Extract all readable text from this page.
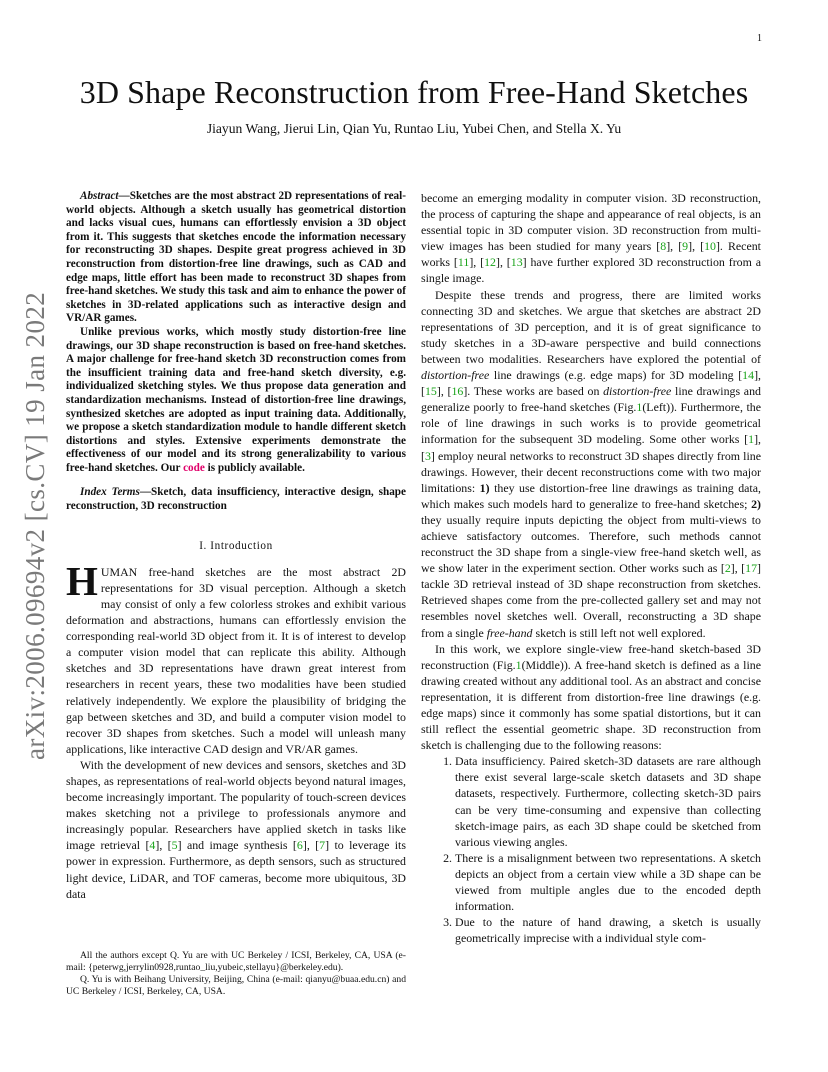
1
arXiv:2006.09694v2 [cs.CV] 19 Jan 2022
3D Shape Reconstruction from Free-Hand Sketches
Jiayun Wang, Jierui Lin, Qian Yu, Runtao Liu, Yubei Chen, and Stella X. Yu

Abstract—Sketches are the most abstract 2D representations of real-world objects. Although a sketch usually has geometrical distortion and lacks visual cues, humans can effortlessly envision a 3D object from it. This suggests that sketches encode the information necessary for reconstructing 3D shapes. Despite great progress achieved in 3D reconstruction from distortion-free line drawings, such as CAD and edge maps, little effort has been made to reconstruct 3D shapes from free-hand sketches. We study this task and aim to enhance the power of sketches in 3D-related applications such as interactive design and VR/AR games.

Unlike previous works, which mostly study distortion-free line drawings, our 3D shape reconstruction is based on free-hand sketches. A major challenge for free-hand sketch 3D reconstruction comes from the insufficient training data and free-hand sketch diversity, e.g. individualized sketching styles. We thus propose data generation and standardization mechanisms. Instead of distortion-free line drawings, synthesized sketches are adopted as input training data. Additionally, we propose a sketch standardization module to handle different sketch distortions and styles. Extensive experiments demonstrate the effectiveness of our model and its strong generalizability to various free-hand sketches. Our code is publicly available.

Index Terms—Sketch, data insufficiency, interactive design, shape reconstruction, 3D reconstruction

I. Introduction

HUMAN free-hand sketches are the most abstract 2D representations for 3D visual perception. Although a sketch may consist of only a few colorless strokes and exhibit various deformation and abstractions, humans can effortlessly envision the corresponding real-world 3D object from it. It is of interest to develop a computer vision model that can replicate this ability. Although sketches and 3D representations have drawn great interest from researchers in recent years, these two modalities have been studied relatively independently. We explore the plausibility of bridging the gap between sketches and 3D, and build a computer vision model to recover 3D shapes from sketches. Such a model will unleash many applications, like interactive CAD design and VR/AR games.

With the development of new devices and sensors, sketches and 3D shapes, as representations of real-world objects beyond natural images, become increasingly important. The popularity of touch-screen devices makes sketching not a privilege to professionals anymore and increasingly popular. Researchers have applied sketch in tasks like image retrieval [4], [5] and image synthesis [6], [7] to leverage its power in expression. Furthermore, as depth sensors, such as structured light device, LiDAR, and TOF cameras, become more ubiquitous, 3D data

All the authors except Q. Yu are with UC Berkeley / ICSI, Berkeley, CA, USA (e-mail: {peterwg,jerrylin0928,runtao_liu,yubeic,stellayu}@berkeley.edu).

Q. Yu is with Beihang University, Beijing, China (e-mail: qianyu@buaa.edu.cn) and UC Berkeley / ICSI, Berkeley, CA, USA.

become an emerging modality in computer vision. 3D reconstruction, the process of capturing the shape and appearance of real objects, is an essential topic in 3D computer vision. 3D reconstruction from multi-view images has been studied for many years [8], [9], [10]. Recent works [11], [12], [13] have further explored 3D reconstruction from a single image.

Despite these trends and progress, there are limited works connecting 3D and sketches. We argue that sketches are abstract 2D representations of 3D perception, and it is of great significance to study sketches in a 3D-aware perspective and build connections between two modalities. Researchers have explored the potential of distortion-free line drawings (e.g. edge maps) for 3D modeling [14], [15], [16]. These works are based on distortion-free line drawings and generalize poorly to free-hand sketches (Fig.1(Left)). Furthermore, the role of line drawings in such works is to provide geometrical information for the subsequent 3D modeling. Some other works [1], [3] employ neural networks to reconstruct 3D shapes directly from line drawings. However, their decent reconstructions come with two major limitations: 1) they use distortion-free line drawings as training data, which makes such models hard to generalize to free-hand sketches; 2) they usually require inputs depicting the object from multi-views to achieve satisfactory outcomes. Therefore, such methods cannot reconstruct the 3D shape from a single-view free-hand sketch well, as we show later in the experiment section. Other works such as [2], [17] tackle 3D retrieval instead of 3D shape reconstruction from sketches. Retrieved shapes come from the pre-collected gallery set and may not resembles novel sketches well. Overall, reconstructing a 3D shape from a single free-hand sketch is still left not well explored.

In this work, we explore single-view free-hand sketch-based 3D reconstruction (Fig.1(Middle)). A free-hand sketch is defined as a line drawing created without any additional tool. As an abstract and concise representation, it is different from distortion-free line drawings (e.g. edge maps) since it commonly has some spatial distortions, but it can still reflect the essential geometric shape. 3D reconstruction from sketch is challenging due to the following reasons:

1. Data insufficiency. Paired sketch-3D datasets are rare although there exist several large-scale sketch datasets and 3D shape datasets, respectively. Furthermore, collecting sketch-3D pairs can be very time-consuming and expensive than collecting sketch-image pairs, as each 3D shape could be sketched from various viewing angles.
2. There is a misalignment between two representations. A sketch depicts an object from a certain view while a 3D shape can be viewed from multiple angles due to the encoded depth information.
3. Due to the nature of hand drawing, a sketch is usually geometrically imprecise with a individual style com-
